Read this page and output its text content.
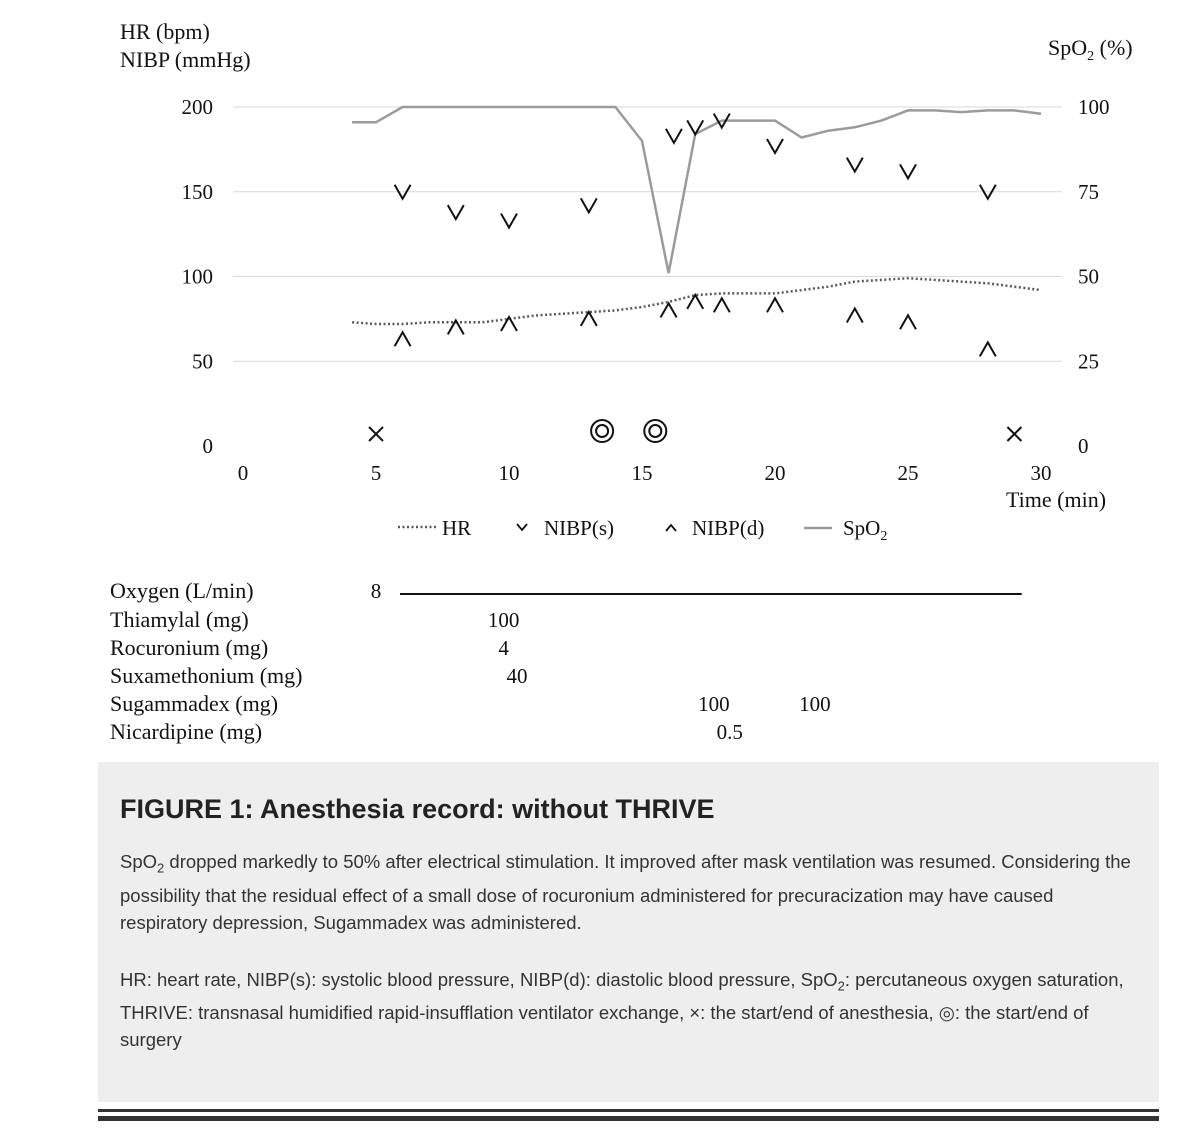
HR (bpm)
NIBP (mmHg)
0
50
100
150
200
SpO$_2$ (%)
0
25
50
75
100
0	5	10	15	20	25	30
Time (min)
HR	NIBP(s)	NIBP(d)	SpO$_2$
Oxygen (L/min)	8
Thiamylal (mg)	100
Rocuronium (mg)	4
Suxamethonium (mg)	40
Sugammadex (mg)	100	100
Nicardipine (mg)	0.5
FIGURE 1: Anesthesia record: without THRIVE

SpO$_2$ dropped markedly to 50% after electrical stimulation. It improved after mask ventilation was resumed. Considering the possibility that the residual effect of a small dose of rocuronium administered for precuracization may have caused respiratory depression, Sugammadex was administered.

HR: heart rate, NIBP(s): systolic blood pressure, NIBP(d): diastolic blood pressure, SpO$_2$: percutaneous oxygen saturation, THRIVE: transnasal humidified rapid-insufflation ventilator exchange, ×: the start/end of anesthesia, ◎: the start/end of surgery
